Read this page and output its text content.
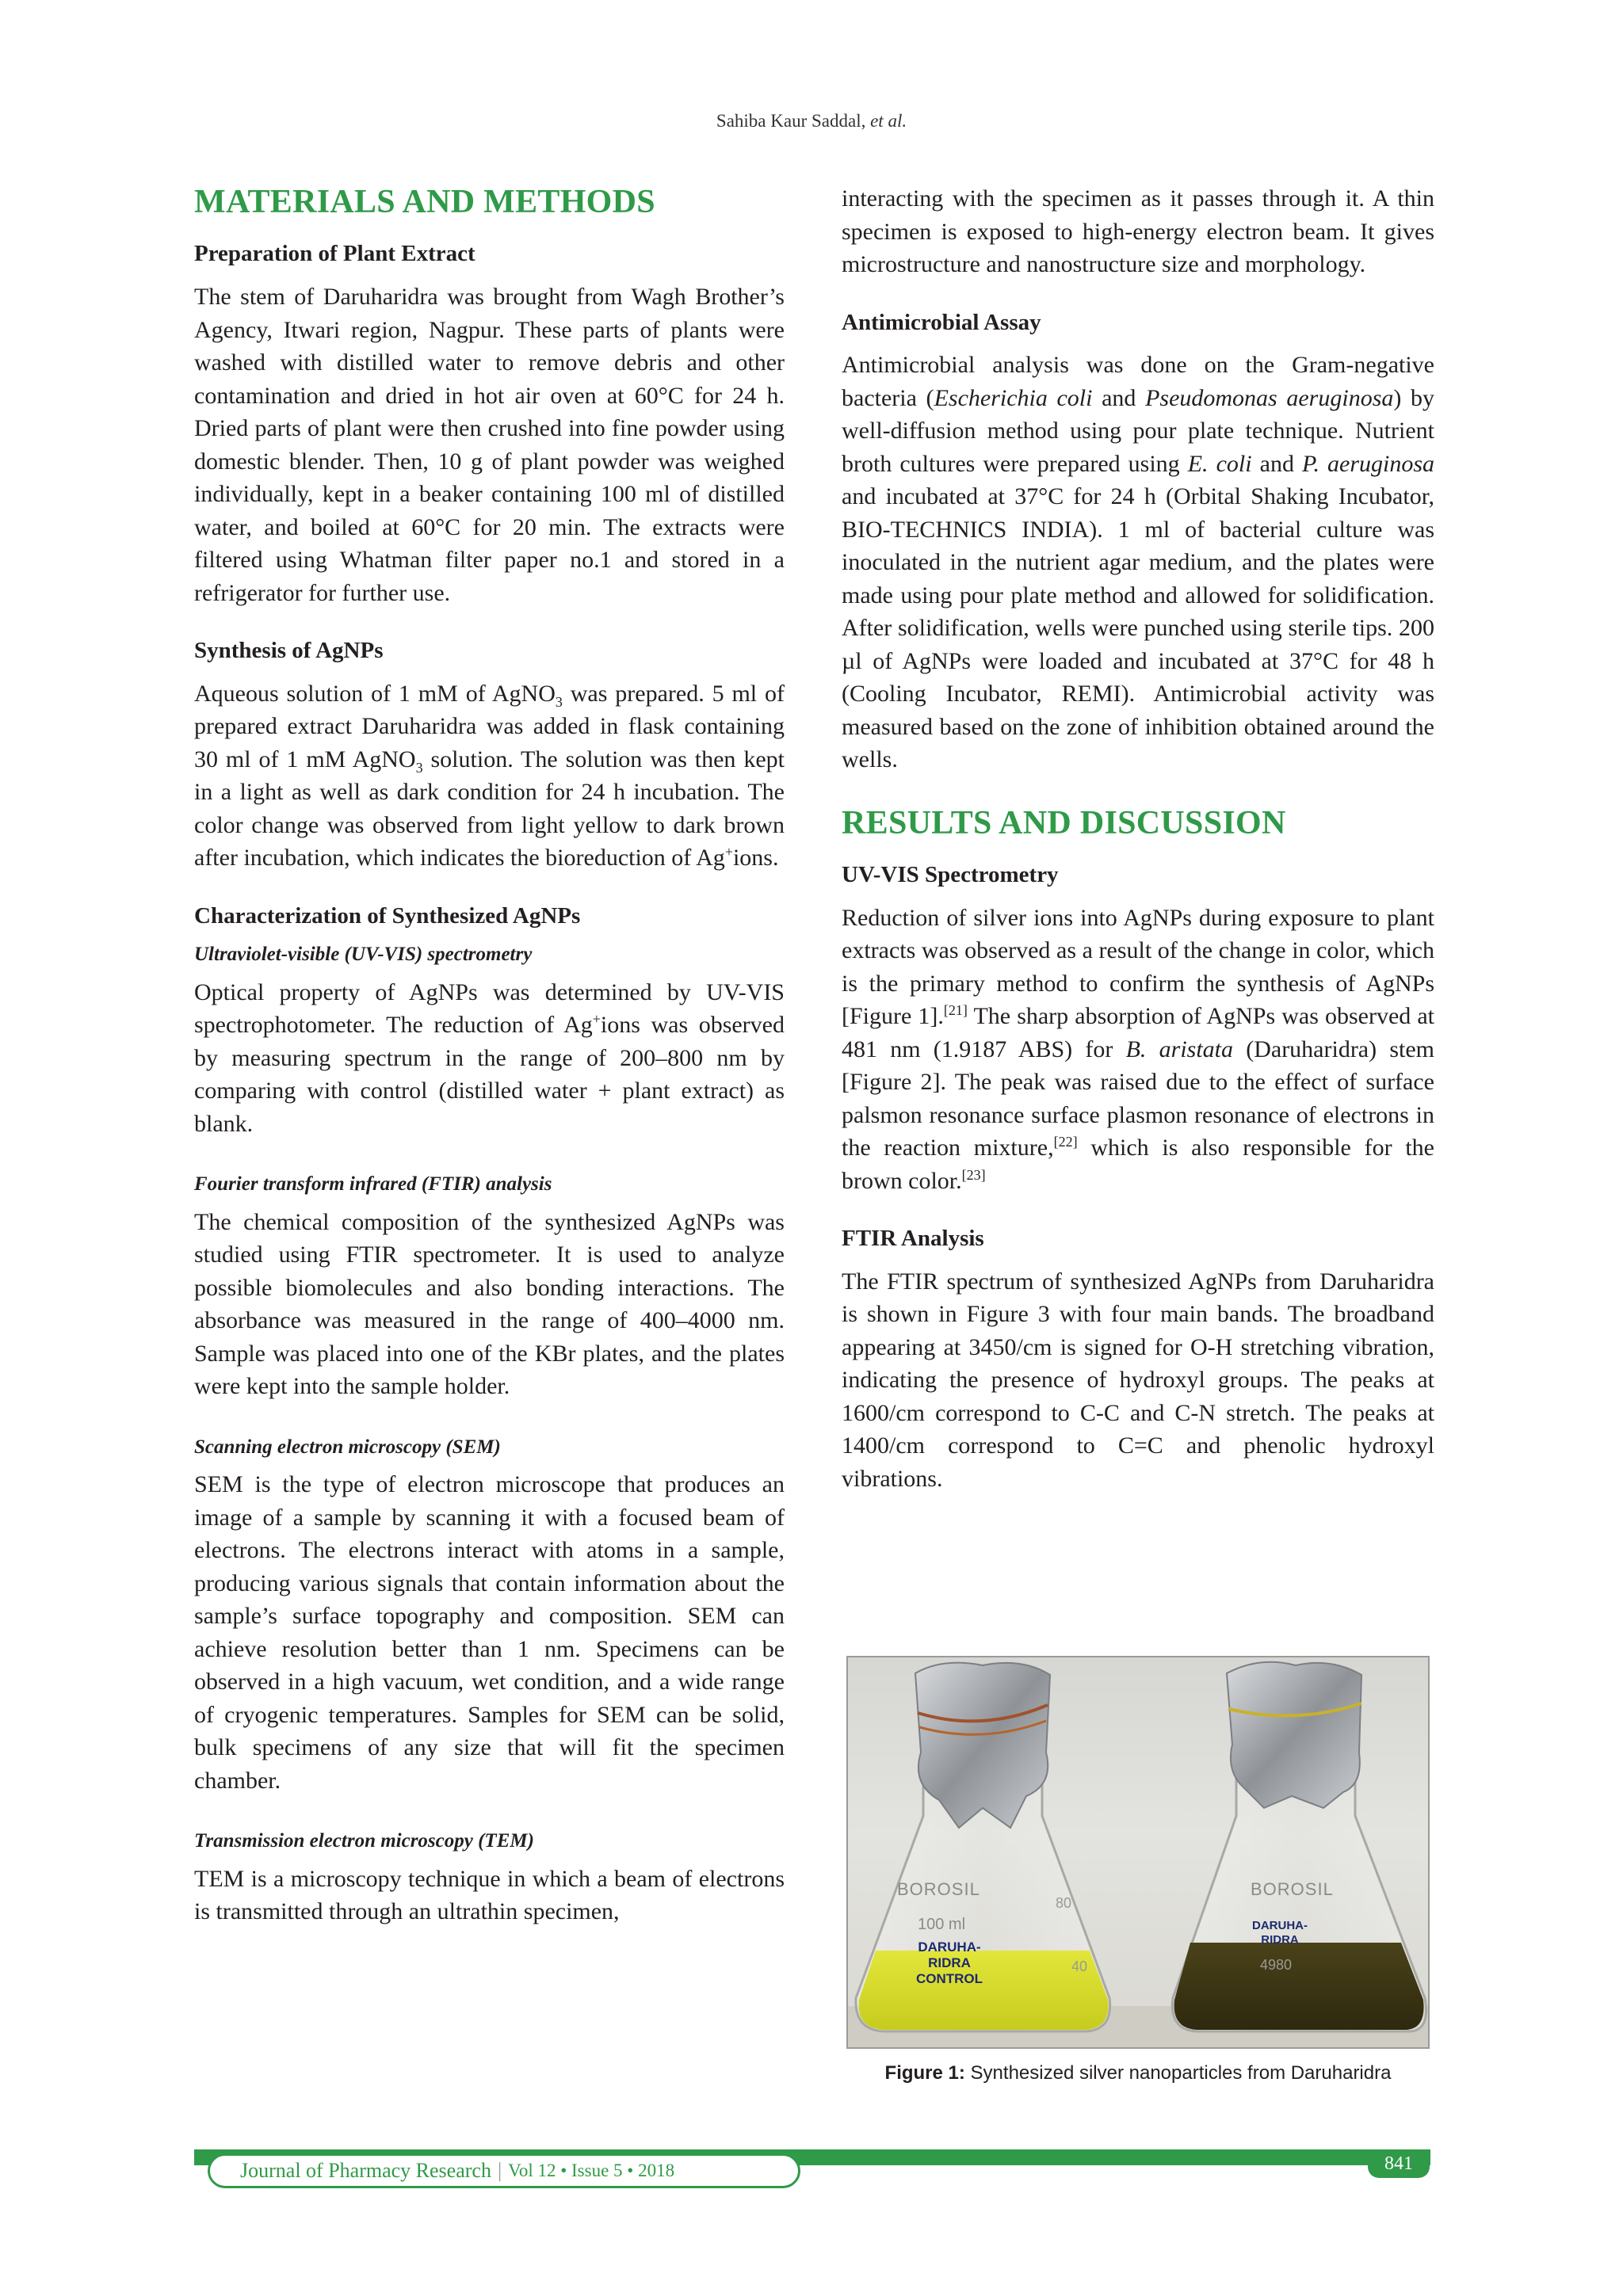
Sahiba Kaur Saddal, et al.
MATERIALS AND METHODS
Preparation of Plant Extract

The stem of Daruharidra was brought from Wagh Brother’s Agency, Itwari region, Nagpur. These parts of plants were washed with distilled water to remove debris and other contamination and dried in hot air oven at 60°C for 24 h. Dried parts of plant were then crushed into fine powder using domestic blender. Then, 10 g of plant powder was weighed individually, kept in a beaker containing 100 ml of distilled water, and boiled at 60°C for 20 min. The extracts were filtered using Whatman filter paper no.1 and stored in a refrigerator for further use.

Synthesis of AgNPs

Aqueous solution of 1 mM of AgNO$_3$ was prepared. 5 ml of prepared extract Daruharidra was added in flask containing 30 ml of 1 mM AgNO$_3$ solution. The solution was then kept in a light as well as dark condition for 24 h incubation. The color change was observed from light yellow to dark brown after incubation, which indicates the bioreduction of Ag+ions.

Characterization of Synthesized AgNPs
Ultraviolet-visible (UV-VIS) spectrometry

Optical property of AgNPs was determined by UV-VIS spectrophotometer. The reduction of Ag+ions was observed by measuring spectrum in the range of 200–800 nm by comparing with control (distilled water + plant extract) as blank.

Fourier transform infrared (FTIR) analysis

The chemical composition of the synthesized AgNPs was studied using FTIR spectrometer. It is used to analyze possible biomolecules and also bonding interactions. The absorbance was measured in the range of 400–4000 nm. Sample was placed into one of the KBr plates, and the plates were kept into the sample holder.

Scanning electron microscopy (SEM)

SEM is the type of electron microscope that produces an image of a sample by scanning it with a focused beam of electrons. The electrons interact with atoms in a sample, producing various signals that contain information about the sample’s surface topography and composition. SEM can achieve resolution better than 1 nm. Specimens can be observed in a high vacuum, wet condition, and a wide range of cryogenic temperatures. Samples for SEM can be solid, bulk specimens of any size that will fit the specimen chamber.

Transmission electron microscopy (TEM)

TEM is a microscopy technique in which a beam of electrons is transmitted through an ultrathin specimen,

interacting with the specimen as it passes through it. A thin specimen is exposed to high-energy electron beam. It gives microstructure and nanostructure size and morphology.

Antimicrobial Assay

Antimicrobial analysis was done on the Gram-negative bacteria (Escherichia coli and Pseudomonas aeruginosa) by well-diffusion method using pour plate technique. Nutrient broth cultures were prepared using E. coli and P. aeruginosa and incubated at 37°C for 24 h (Orbital Shaking Incubator, BIO-TECHNICS INDIA). 1 ml of bacterial culture was inoculated in the nutrient agar medium, and the plates were made using pour plate method and allowed for solidification. After solidification, wells were punched using sterile tips. 200 µl of AgNPs were loaded and incubated at 37°C for 48 h (Cooling Incubator, REMI). Antimicrobial activity was measured based on the zone of inhibition obtained around the wells.

RESULTS AND DISCUSSION
UV-VIS Spectrometry

Reduction of silver ions into AgNPs during exposure to plant extracts was observed as a result of the change in color, which is the primary method to confirm the synthesis of AgNPs [Figure 1].[21] The sharp absorption of AgNPs was observed at 481 nm (1.9187 ABS) for B. aristata (Daruharidra) stem [Figure 2]. The peak was raised due to the effect of surface palsmon resonance surface plasmon resonance of electrons in the reaction mixture,[22] which is also responsible for the brown color.[23]

FTIR Analysis

The FTIR spectrum of synthesized AgNPs from Daruharidra is shown in Figure 3 with four main bands. The broadband appearing at 3450/cm is signed for O-H stretching vibration, indicating the presence of hydroxyl groups. The peaks at 1600/cm correspond to C-C and C-N stretch. The peaks at 1400/cm correspond to C=C and phenolic hydroxyl vibrations.

BOROSIL
100 ml
80
40
DARUHA-RIDRA CONTROL
BOROSIL
DARUHA-RIDRA
4980
Figure 1: Synthesized silver nanoparticles from Daruharidra
Journal of Pharmacy Research | Vol 12 • Issue 5 • 2018	841
